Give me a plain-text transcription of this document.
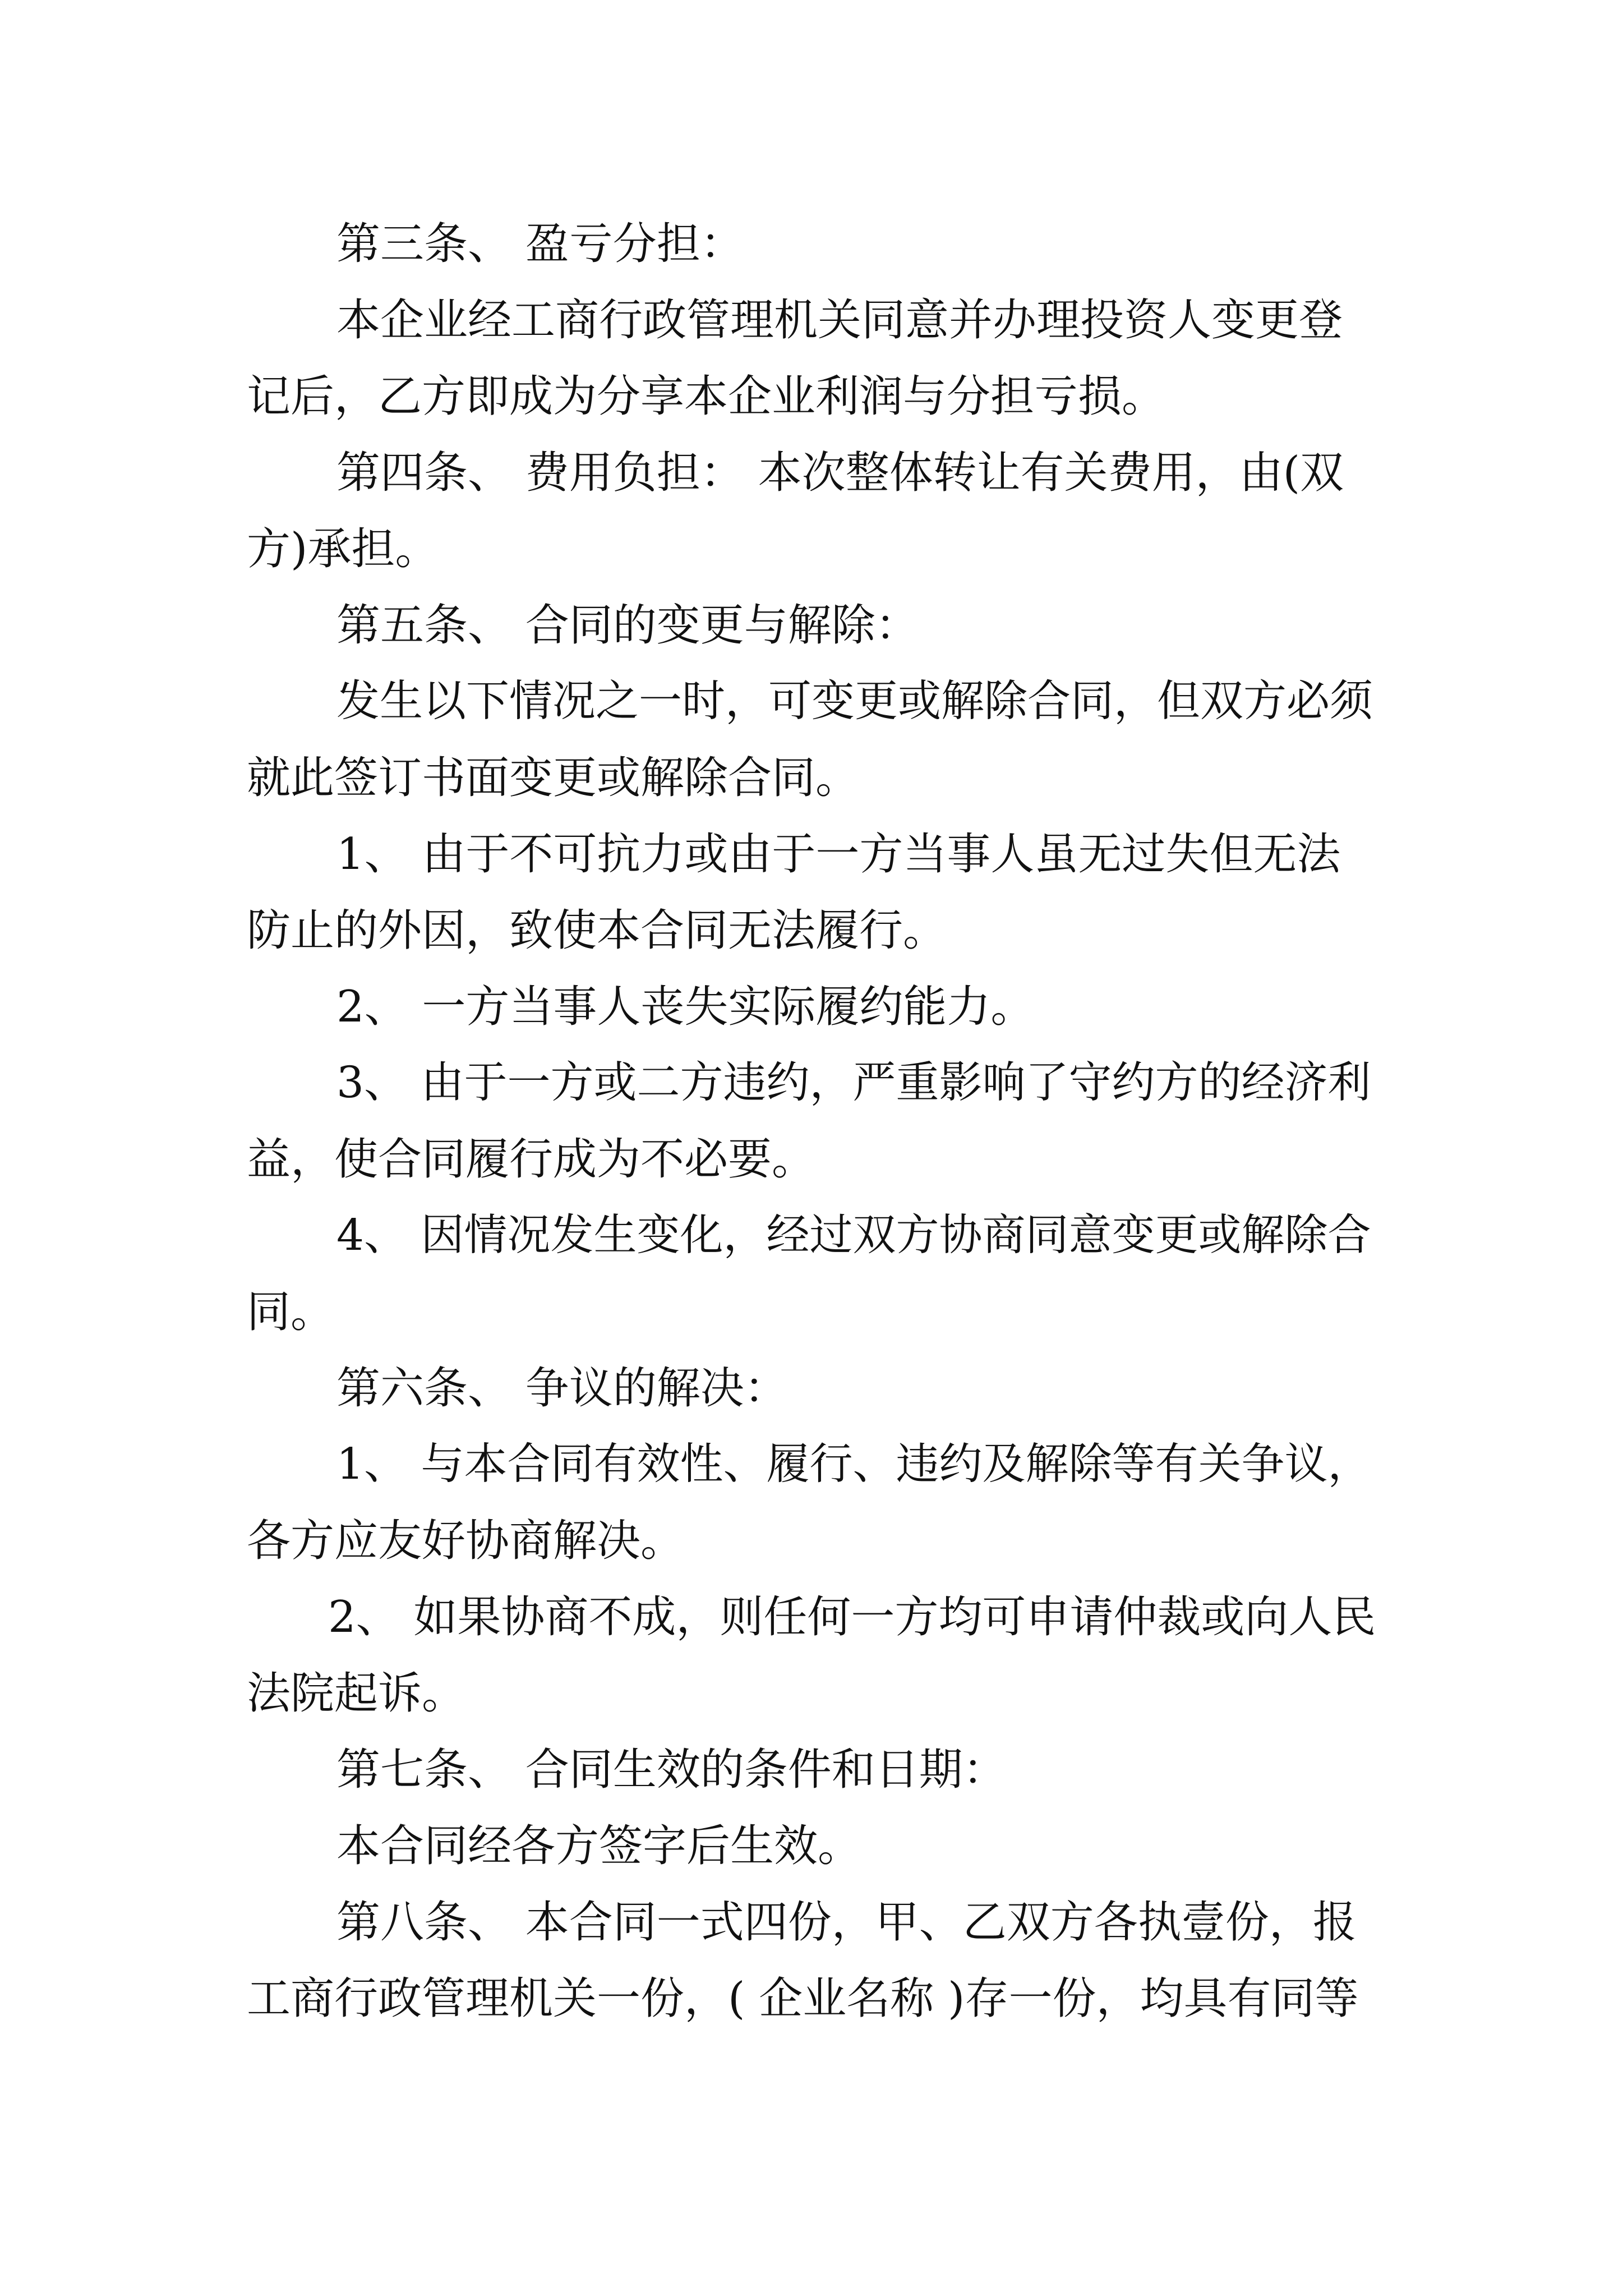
第三条、 盈亏分担：
本企业经工商行政管理机关同意并办理投资人变更登
记后，乙方即成为分享本企业利润与分担亏损。
第四条、 费用负担： 本次整体转让有关费用，由(双
方)承担。
第五条、 合同的变更与解除：
发生以下情况之一时，可变更或解除合同，但双方必须
就此签订书面变更或解除合同。
1、 由于不可抗力或由于一方当事人虽无过失但无法
防止的外因，致使本合同无法履行。
2、 一方当事人丧失实际履约能力。
3、 由于一方或二方违约，严重影响了守约方的经济利
益，使合同履行成为不必要。
4、 因情况发生变化，经过双方协商同意变更或解除合
同。
第六条、 争议的解决：
1、 与本合同有效性、履行、违约及解除等有关争议，
各方应友好协商解决。
2、 如果协商不成，则任何一方均可申请仲裁或向人民
法院起诉。
第七条、 合同生效的条件和日期：
本合同经各方签字后生效。
第八条、 本合同一式四份，甲、乙双方各执壹份，报
工商行政管理机关一份，( 企业名称 )存一份，均具有同等
